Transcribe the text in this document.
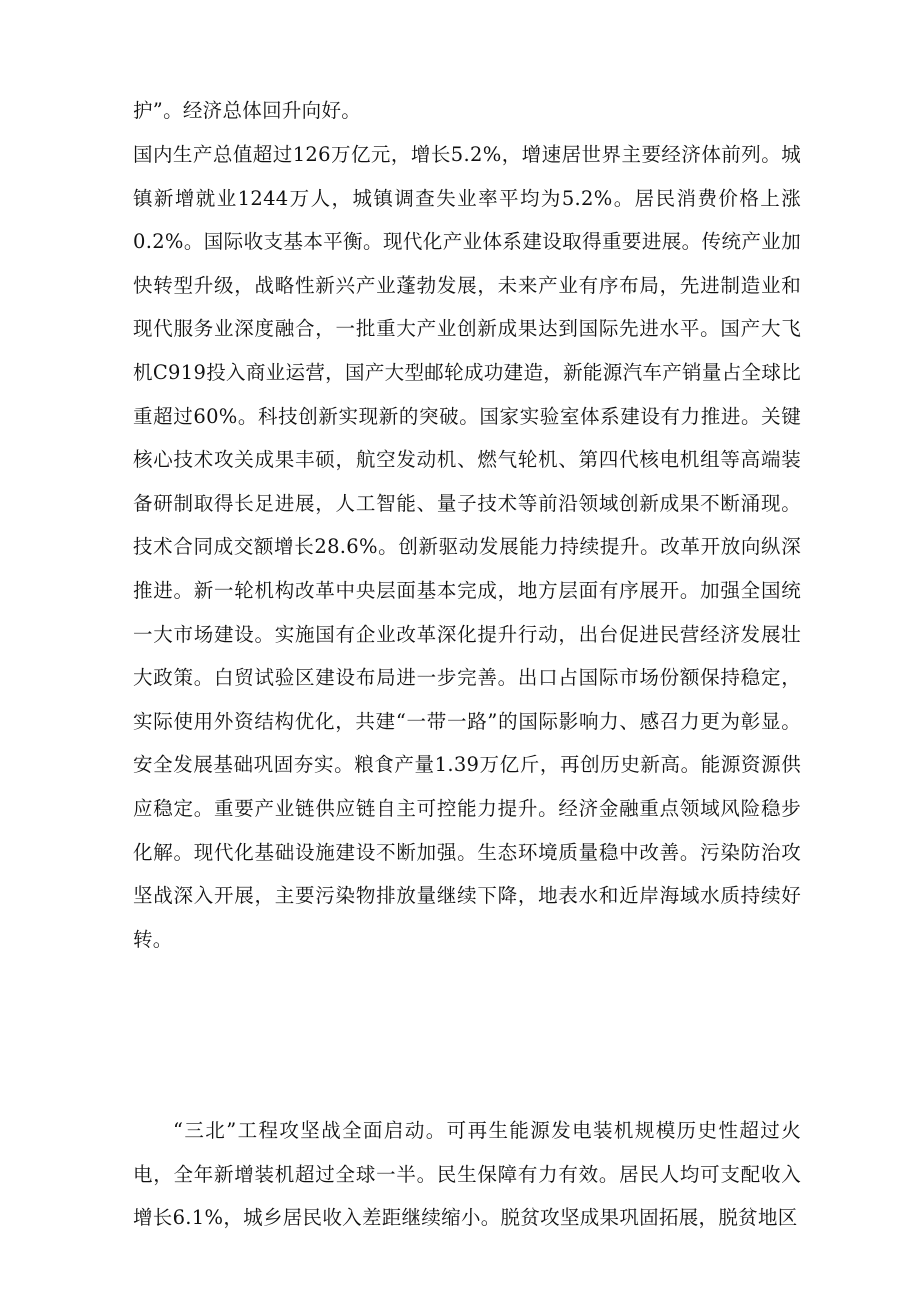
护”。经济总体回升向好。

国内生产总值超过126万亿元，增长5.2%，增速居世界主要经济体前列。城镇新增就业1244万人，城镇调查失业率平均为5.2%。居民消费价格上涨0.2%。国际收支基本平衡。现代化产业体系建设取得重要进展。传统产业加快转型升级，战略性新兴产业蓬勃发展，未来产业有序布局，先进制造业和现代服务业深度融合，一批重大产业创新成果达到国际先进水平。国产大飞机C919投入商业运营，国产大型邮轮成功建造，新能源汽车产销量占全球比重超过60%。科技创新实现新的突破。国家实验室体系建设有力推进。关键核心技术攻关成果丰硕，航空发动机、燃气轮机、第四代核电机组等高端装备研制取得长足进展，人工智能、量子技术等前沿领域创新成果不断涌现。技术合同成交额增长28.6%。创新驱动发展能力持续提升。改革开放向纵深推进。新一轮机构改革中央层面基本完成，地方层面有序展开。加强全国统一大市场建设。实施国有企业改革深化提升行动，出台促进民营经济发展壮大政策。白贸试验区建设布局进一步完善。出口占国际市场份额保持稳定，实际使用外资结构优化，共建“一带一路”的国际影响力、感召力更为彰显。安全发展基础巩固夯实。粮食产量1.39万亿斤，再创历史新高。能源资源供应稳定。重要产业链供应链自主可控能力提升。经济金融重点领域风险稳步化解。现代化基础设施建设不断加强。生态环境质量稳中改善。污染防治攻坚战深入开展，主要污染物排放量继续下降，地表水和近岸海域水质持续好转。

“三北”工程攻坚战全面启动。可再生能源发电装机规模历史性超过火电，全年新增装机超过全球一半。民生保障有力有效。居民人均可支配收入增长6.1%，城乡居民收入差距继续缩小。脱贫攻坚成果巩固拓展，脱贫地区
